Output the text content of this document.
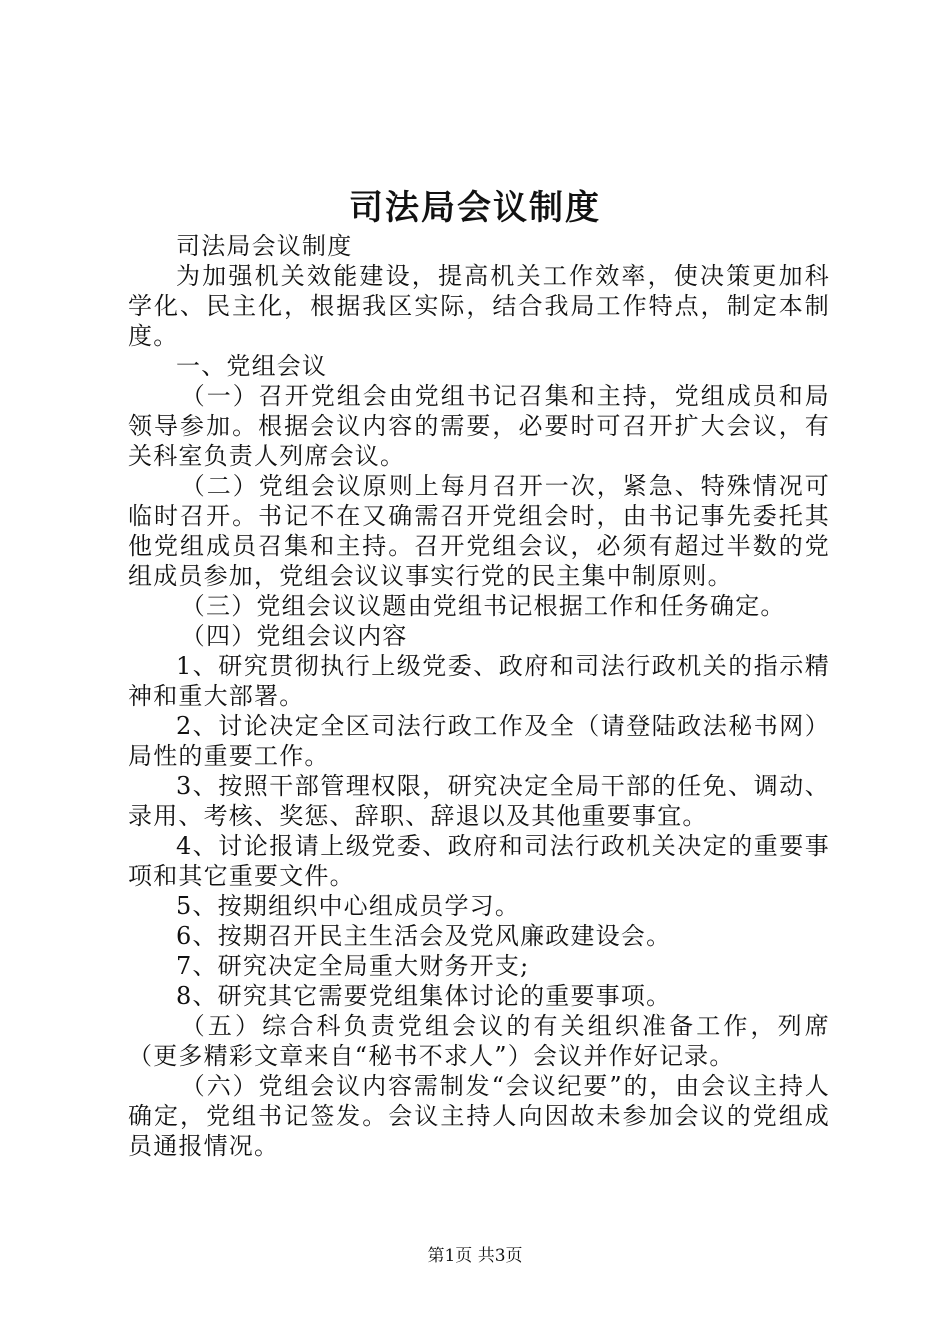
司法局会议制度

司法局会议制度

为加强机关效能建设，提高机关工作效率，使决策更加科学化、民主化，根据我区实际，结合我局工作特点，制定本制度。

一、党组会议

（一）召开党组会由党组书记召集和主持，党组成员和局领导参加。根据会议内容的需要，必要时可召开扩大会议，有关科室负责人列席会议。

（二）党组会议原则上每月召开一次，紧急、特殊情况可临时召开。书记不在又确需召开党组会时，由书记事先委托其他党组成员召集和主持。召开党组会议，必须有超过半数的党组成员参加，党组会议议事实行党的民主集中制原则。

（三）党组会议议题由党组书记根据工作和任务确定。

（四）党组会议内容

1、研究贯彻执行上级党委、政府和司法行政机关的指示精神和重大部署。

2、讨论决定全区司法行政工作及全（请登陆政法秘书网）局性的重要工作。

3、按照干部管理权限，研究决定全局干部的任免、调动、录用、考核、奖惩、辞职、辞退以及其他重要事宜。

4、讨论报请上级党委、政府和司法行政机关决定的重要事项和其它重要文件。

5、按期组织中心组成员学习。

6、按期召开民主生活会及党风廉政建设会。

7、研究决定全局重大财务开支;

8、研究其它需要党组集体讨论的重要事项。

（五）综合科负责党组会议的有关组织准备工作，列席（更多精彩文章来自“秘书不求人”）会议并作好记录。

（六）党组会议内容需制发“会议纪要”的，由会议主持人确定，党组书记签发。会议主持人向因故未参加会议的党组成员通报情况。

第1页 共3页
